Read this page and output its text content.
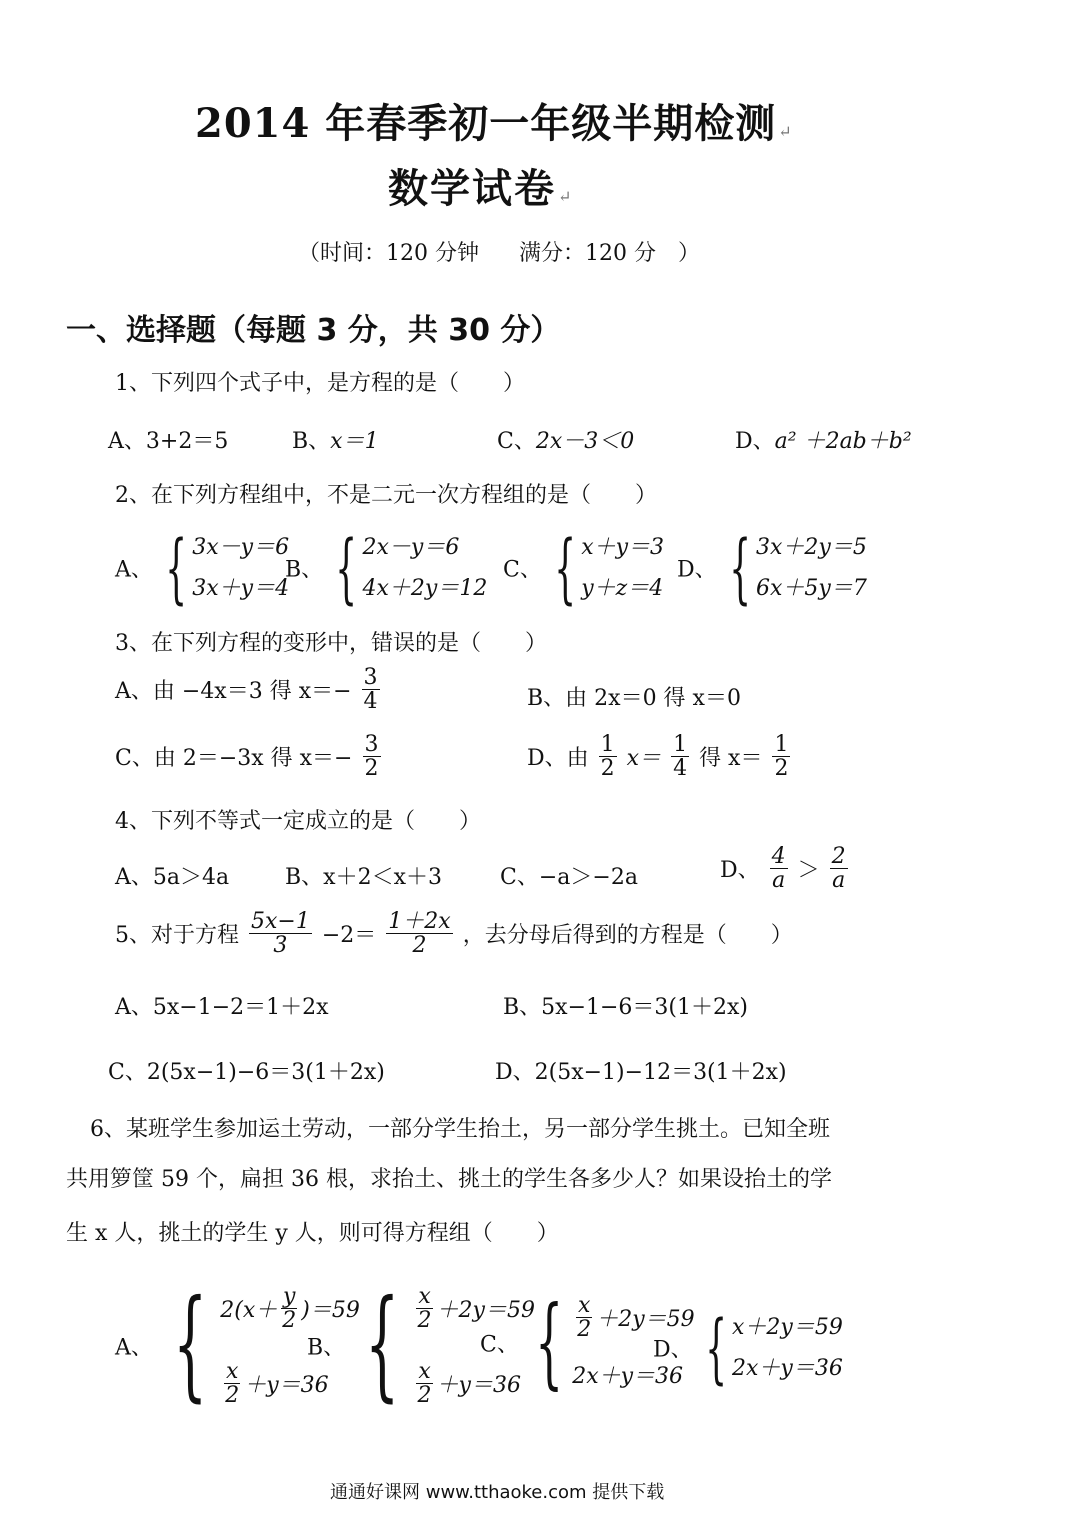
2014 年春季初一年级半期检测 ↵
数学试卷 ↵
（时间：120 分钟 满分：120 分　）
一、选择题（每题 3 分，共 30 分）
1、下列四个式子中，是方程的是（　　）
A、3+2＝5	B、x＝1	C、2x－3＜0	D、a² ＋2ab＋b²
2、在下列方程组中，不是二元一次方程组的是（　　）
A、 { 3x－y＝6
3x＋y＝4
B、 { 2x－y＝6
4x＋2y＝12
C、 { x＋y＝3
y＋z＝4
D、 { 3x＋2y＝5
6x＋5y＝7
3、在下列方程的变形中，错误的是（　　）
A、由 −4x＝3 得 $x=- \frac{3}{4}$	B、由 2x＝0 得 x＝0
C、由 2＝−3x 得 $x=- \frac{3}{2}$	D、由 $\frac{1}{2} x= \frac{1}{4}$ 得 $x= \frac{1}{2}$
4、下列不等式一定成立的是（　　）
A、5a＞4a	B、x＋2＜x＋3	C、−a＞−2a	D、 $\frac{4}{a} > \frac{2}{a}$
5、对于方程 $\frac{5x-1}{3} -2= \frac{1+2x}{2}$ ，去分母后得到的方程是（　　）
A、5x−1−2＝1＋2x	B、5x−1−6＝3(1＋2x)
C、2(5x−1)−6＝3(1＋2x)	D、2(5x−1)−12＝3(1＋2x)
6、某班学生参加运土劳动，一部分学生抬土，另一部分学生挑土。已知全班
共用箩筐 59 个，扁担 36 根，求抬土、挑土的学生各多少人？如果设抬土的学
生 x 人，挑土的学生 y 人，则可得方程组（　　）
A、 { $2(x+ \frac{y}{2} )=59$
$\frac{x}{2} +y=36$
B、 { $\frac{x}{2} +2y=59$
$\frac{x}{2} +y=36$
C、 { $\frac{x}{2} +2y=59$
2x＋y＝36
D、 { x＋2y＝59
2x＋y＝36
通通好课网 www.tthaoke.com 提供下载
